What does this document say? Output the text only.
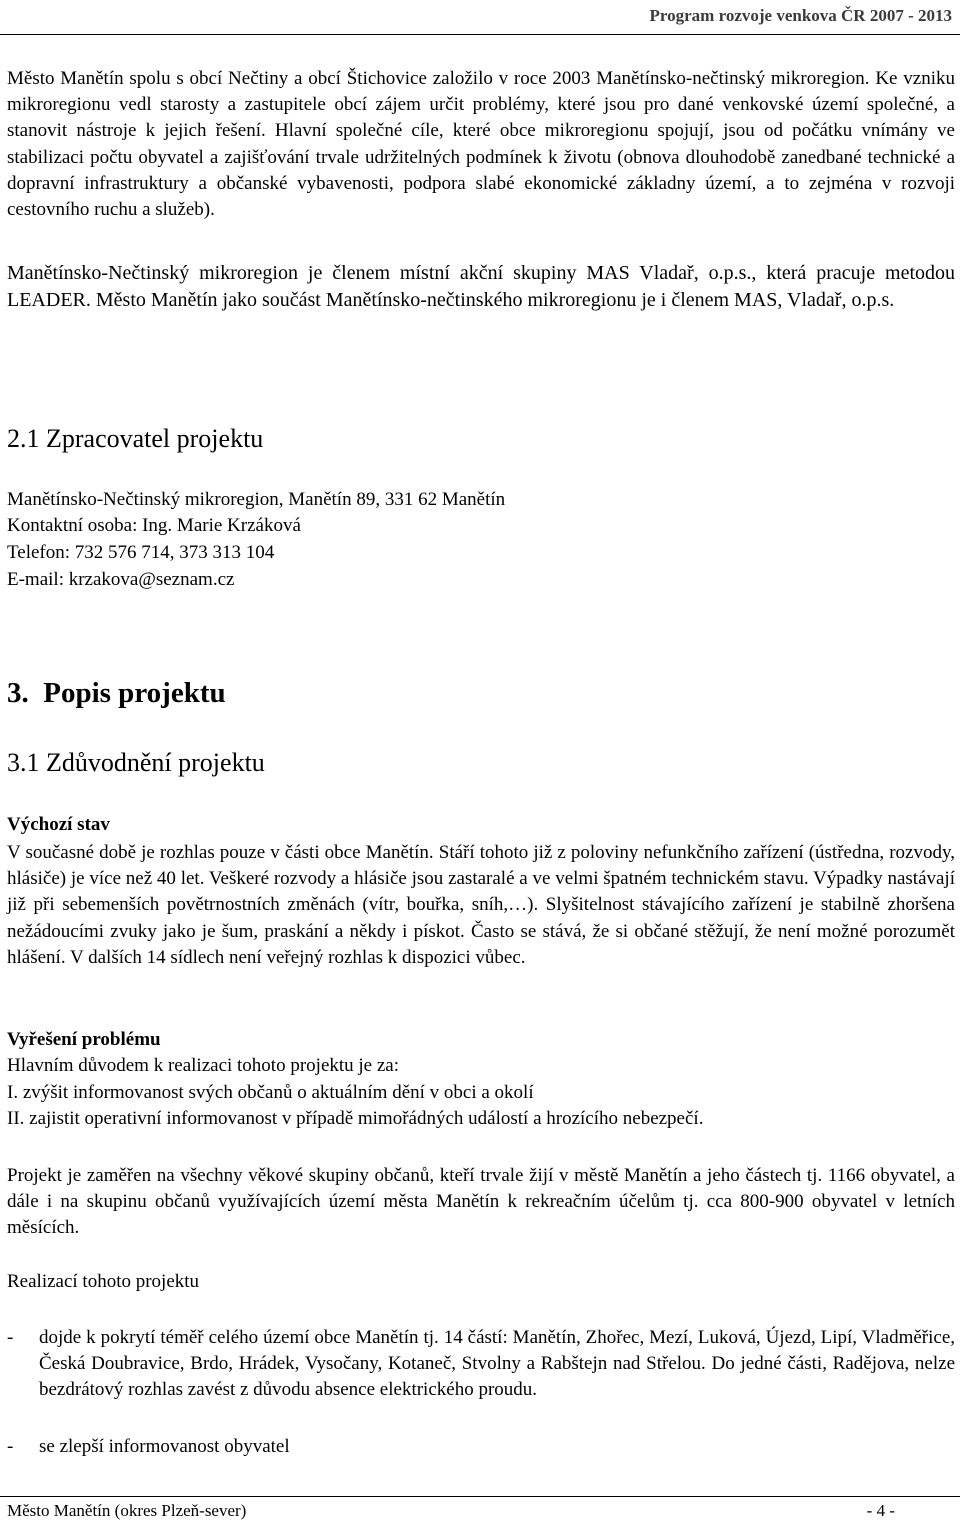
Program rozvoje venkova ČR 2007 - 2013

Město Manětín spolu s obcí Nečtiny a obcí Štichovice založilo v roce 2003 Manětínsko-nečtinský mikroregion. Ke vzniku mikroregionu vedl starosty a zastupitele obcí zájem určit problémy, které jsou pro dané venkovské území společné, a stanovit nástroje k jejich řešení. Hlavní společné cíle, které obce mikroregionu spojují, jsou od počátku vnímány ve stabilizaci počtu obyvatel a zajišťování trvale udržitelných podmínek k životu (obnova dlouhodobě zanedbané technické a dopravní infrastruktury a občanské vybavenosti, podpora slabé ekonomické základny území, a to zejména v rozvoji cestovního ruchu a služeb).

Manětínsko-Nečtinský mikroregion je členem místní akční skupiny MAS Vladař, o.p.s., která pracuje metodou LEADER. Město Manětín jako součást Manětínsko-nečtinského mikroregionu je i členem MAS, Vladař, o.p.s.

2.1 Zpracovatel projektu
Manětínsko-Nečtinský mikroregion, Manětín 89, 331 62 Manětín
Kontaktní osoba: Ing. Marie Krzáková
Telefon: 732 576 714, 373 313 104
E-mail: krzakova@seznam.cz
3.  Popis projektu
3.1 Zdůvodnění projektu
Výchozí stav

V současné době je rozhlas pouze v části obce Manětín. Stáří tohoto již z poloviny nefunkčního zařízení (ústředna, rozvody, hlásiče) je více než 40 let. Veškeré rozvody a hlásiče jsou zastaralé a ve velmi špatném technickém stavu. Výpadky nastávají již při sebemenších povětrnostních změnách (vítr, bouřka, sníh,…). Slyšitelnost stávajícího zařízení je stabilně zhoršena nežádoucími zvuky jako je šum, praskání a někdy i pískot. Často se stává, že si občané stěžují, že není možné porozumět hlášení. V dalších 14 sídlech není veřejný rozhlas k dispozici vůbec.

Vyřešení problému
Hlavním důvodem k realizaci tohoto projektu je za:
I. zvýšit informovanost svých občanů o aktuálním dění v obci a okolí
II. zajistit operativní informovanost v případě mimořádných událostí a hrozícího nebezpečí.

Projekt je zaměřen na všechny věkové skupiny občanů, kteří trvale žijí v městě Manětín a jeho částech tj. 1166 obyvatel, a dále i na skupinu občanů využívajících území města Manětín k rekreačním účelům tj. cca 800-900 obyvatel v letních měsících.

Realizací tohoto projektu
- dojde k pokrytí téměř celého území obce Manětín tj. 14 částí: Manětín, Zhořec, Mezí, Luková, Újezd, Lipí, Vladměřice, Česká Doubravice, Brdo, Hrádek, Vysočany, Kotaneč, Stvolny a Rabštejn nad Střelou. Do jedné části, Radějova, nelze bezdrátový rozhlas zavést z důvodu absence elektrického proudu.
- se zlepší informovanost obyvatel
Město Manětín (okres Plzeň-sever)	- 4 -
